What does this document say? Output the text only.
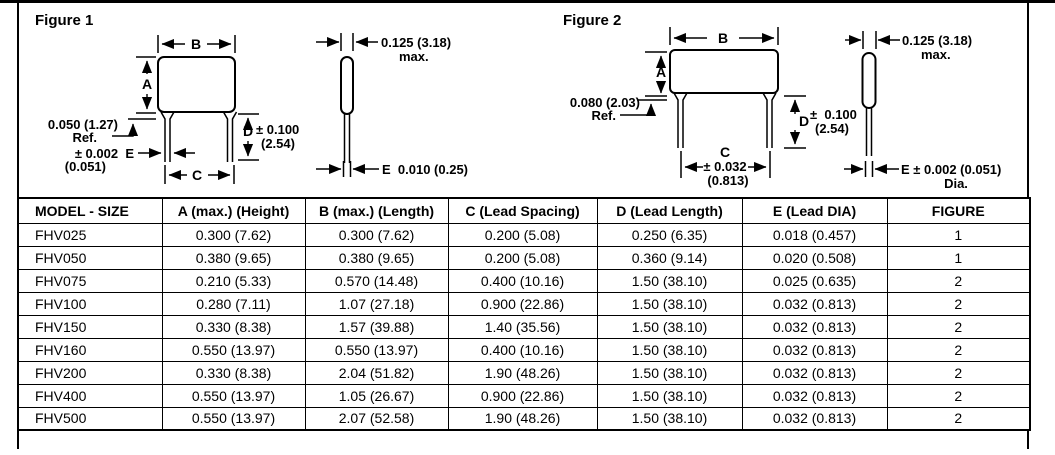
Figure 1
B
A
0.050 (1.27)
Ref.
± 0.002  E
(0.051)
C
D ± 0.100
(2.54)
0.125 (3.18)
max.
E  0.010 (0.25)
Figure 2
B
A
0.080 (2.03)
Ref.
C
± 0.032
(0.813)
D ±  0.100
(2.54)
0.125 (3.18)
max.
E ± 0.002 (0.051)
Dia.
MODEL - SIZE	A (max.) (Height)	B (max.) (Length)	C (Lead Spacing)	D (Lead Length)	E (Lead DIA)	FIGURE
FHV025	0.300 (7.62)	0.300 (7.62)	0.200 (5.08)	0.250 (6.35)	0.018 (0.457)	1
FHV050	0.380 (9.65)	0.380 (9.65)	0.200 (5.08)	0.360 (9.14)	0.020 (0.508)	1
FHV075	0.210 (5.33)	0.570 (14.48)	0.400 (10.16)	1.50 (38.10)	0.025 (0.635)	2
FHV100	0.280 (7.11)	1.07 (27.18)	0.900 (22.86)	1.50 (38.10)	0.032 (0.813)	2
FHV150	0.330 (8.38)	1.57 (39.88)	1.40 (35.56)	1.50 (38.10)	0.032 (0.813)	2
FHV160	0.550 (13.97)	0.550 (13.97)	0.400 (10.16)	1.50 (38.10)	0.032 (0.813)	2
FHV200	0.330 (8.38)	2.04 (51.82)	1.90 (48.26)	1.50 (38.10)	0.032 (0.813)	2
FHV400	0.550 (13.97)	1.05 (26.67)	0.900 (22.86)	1.50 (38.10)	0.032 (0.813)	2
FHV500	0.550 (13.97)	2.07 (52.58)	1.90 (48.26)	1.50 (38.10)	0.032 (0.813)	2
